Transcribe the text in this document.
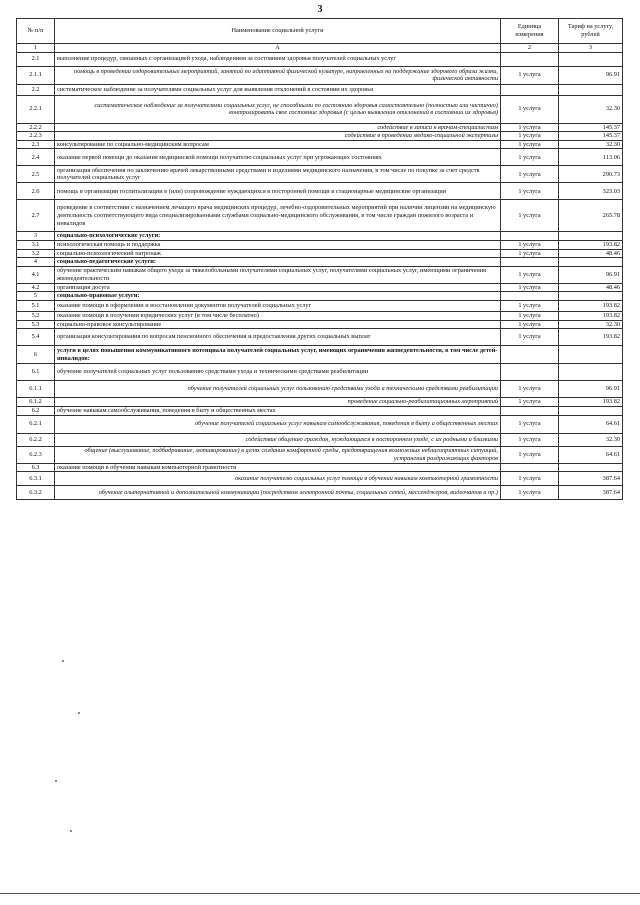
3
№ п/п	Наименование социальной услуги	Единица измерения	Тариф на услугу, рублей
1	А	2	3
2.1	выполнение процедур, связанных с организацией ухода, наблюдением за состоянием здоровья получателей социальных услуг		
2.1.1	помощь в проведении оздоровительных мероприятий, занятий по адаптивной физической культуре, направленных на поддержание здорового образа жизни, физической активности	1 услуга	96.91
2.2	систематическое наблюдение за получателями социальных услуг для выявления отклонений в состоянии их здоровья		
2.2.1	систематическое наблюдение за получателями социальных услуг, не способными по состоянию здоровья самостоятельно (полностью или частично) контролировать свое состояние здоровья (с целью выявления отклонений в состоянии их здоровья)	1 услуга	32.30
2.2.2	содействие в записи к врачам-специалистам	1 услуга	145.37
2.2.3	содействие в проведении медико-социальной экспертизы	1 услуга	145.37
2.3	консультирование по социально-медицинским вопросам	1 услуга	32.30
2.4	оказание первой помощи до оказания медицинской помощи получателю социальных услуг при угрожающих состояниях	1 услуга	113.06
2.5	организация обеспечения по заключению врачей лекарственными средствами и изделиями медицинского назначения, в том числе по покупке за счет средств получателей социальных услуг	1 услуга	290.73
2.6	помощь в организации госпитализации в (или) сопровождение нуждающихся в посторонней помощи в стационарные медицинские организации	1 услуга	323.03
2.7	проведение в соответствии с назначением лечащего врача медицинских процедур, лечебно-оздоровительных мероприятий при наличии лицензии на медицинскую деятельность соответствующего вида специализированными службами социально-медицинского обслуживания, в том числе граждан пожилого возраста и инвалидов	1 услуга	265.78
3	социально-психологические услуги:		
3.1	психологическая помощь и поддержка	1 услуга	193.82
3.2	социально-психологический патронаж	1 услуга	48.46
4	социально-педагогические услуги:		
4.1	обучение практическим навыкам общего ухода за тяжелобольными получателями социальных услуг, получателями социальных услуг, имеющими ограничения жизнедеятельности	1 услуга	96.91
4.2	организация досуга	1 услуга	48.46
5	социально-правовые услуги:		
5.1	оказание помощи в оформлении и восстановлении документов получателей социальных услуг	1 услуга	193.82
5.2	оказание помощи в получении юридических услуг (в том числе бесплатно)	1 услуга	193.82
5.3	социально-правовое консультирование	1 услуга	32.30
5.4	организация консультирования по вопросам пенсионного обеспечения и предоставления других социальных выплат	1 услуга	193.82
6	услуги в целях повышения коммуникативного потенциала получателей социальных услуг, имеющих ограничения жизнедеятельности, в том числе детей-инвалидов:		
6.1	обучение получателей социальных услуг пользованию средствами ухода и техническими средствами реабилитации		
6.1.1	обучение получателей социальных услуг пользованию средствами ухода и техническими средствами реабилитации	1 услуга	96.91
6.1.2	проведение социально-реабилитационных мероприятий	1 услуга	193.82
6.2	обучение навыкам самообслуживания, поведения в быту и общественных местах		
6.2.1	обучение получателей социальных услуг навыкам самообслуживания, поведения в быту и общественных местах	1 услуга	64.61
6.2.2	содействие общению граждан, нуждающихся в постороннем уходе, с их родными и близкими	1 услуга	32.30
6.2.3	общение (выслушивание, подбадривание, мотивирование) в целях создания комфортной среды, предотвращения возможных неблагоприятных ситуаций, устранения раздражающих факторов	1 услуга	64.61
6.3	оказание помощи в обучении навыкам компьютерной грамотности		
6.3.1	оказание получателю социальных услуг помощи в обучении навыкам компьютерной грамотности	1 услуга	387.64
6.3.2	обучение альтернативной и дополнительной коммуникации (посредством электронной почты, социальных сетей, мессенджеров, видеочатов и пр.)	1 услуга	387.64
